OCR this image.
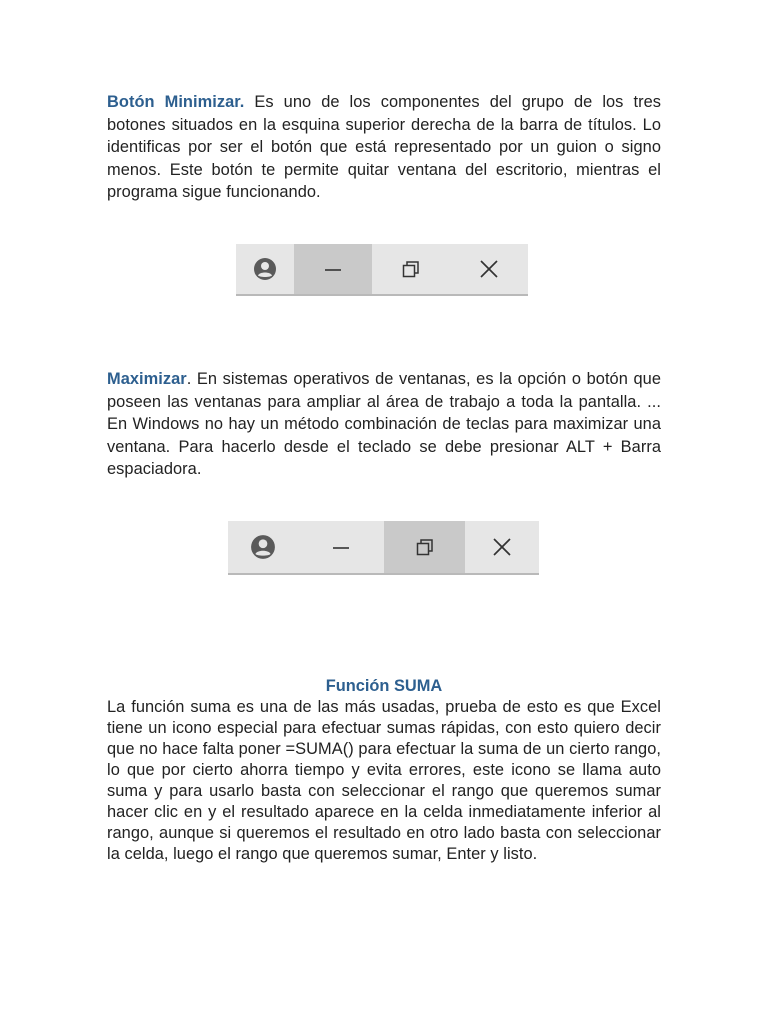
Botón Minimizar. Es uno de los componentes del grupo de los tres botones situados en la esquina superior derecha de la barra de títulos. Lo identificas por ser el botón que está representado por un guion o signo menos. Este botón te permite quitar ventana del escritorio, mientras el programa sigue funcionando.

Maximizar. En sistemas operativos de ventanas, es la opción o botón que poseen las ventanas para ampliar al área de trabajo a toda la pantalla. ... En Windows no hay un método combinación de teclas para maximizar una ventana. Para hacerlo desde el teclado se debe presionar ALT + Barra espaciadora.

Función SUMA

La función suma es una de las más usadas, prueba de esto es que Excel tiene un icono especial para efectuar sumas rápidas, con esto quiero decir que no hace falta poner =SUMA() para efectuar la suma de un cierto rango, lo que por cierto ahorra tiempo y evita errores, este icono se llama auto suma y para usarlo basta con seleccionar el rango que queremos sumar hacer clic en y el resultado aparece en la celda inmediatamente inferior al rango, aunque si queremos el resultado en otro lado basta con seleccionar la celda, luego el rango que queremos sumar, Enter y listo.
